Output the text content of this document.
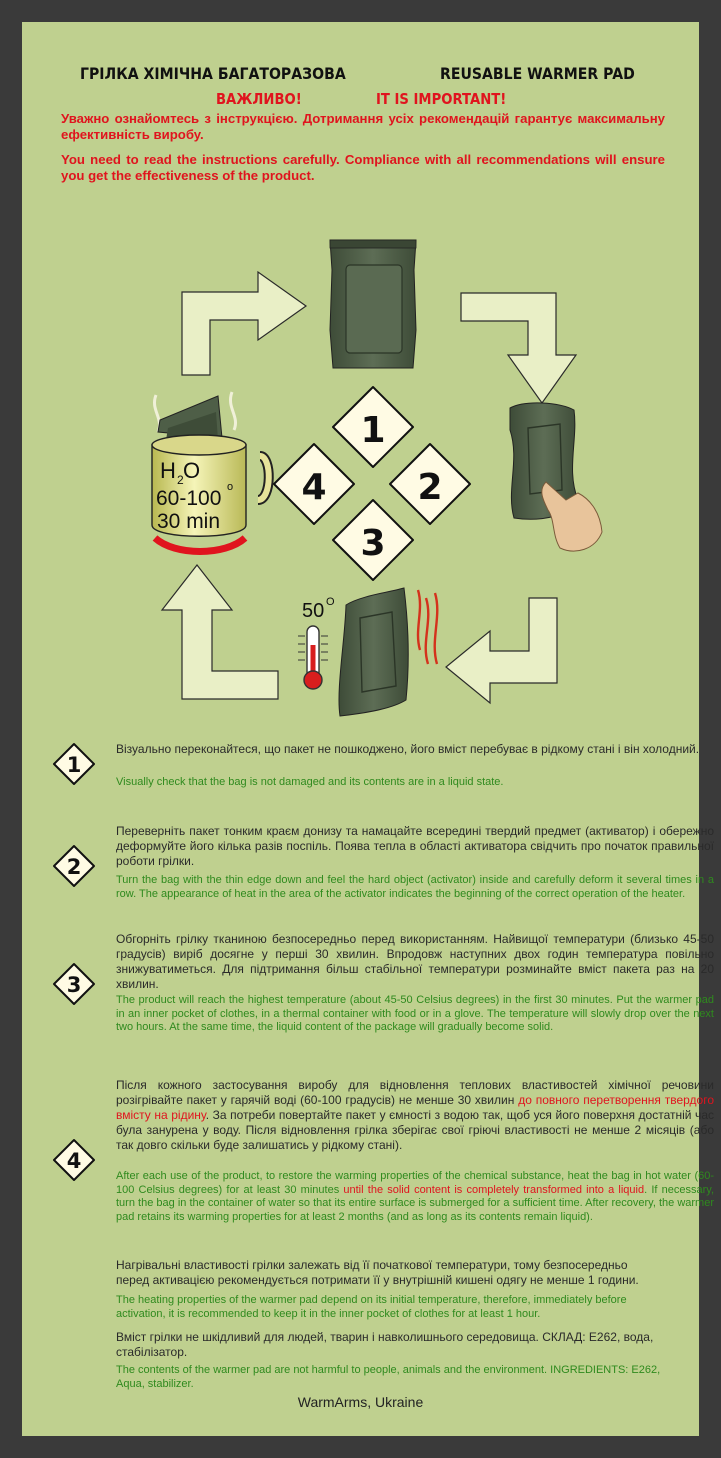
ГРІЛКА ХІМІЧНА БАГАТОРАЗОВА	REUSABLE WARMER PAD
ВАЖЛИВО!	IT IS IMPORTANT!
Уважно ознайомтесь з інструкцією. Дотримання усіх рекомендацій гарантує максимальну ефективність виробу.
You need to read the instructions carefully. Compliance with all recommendations will ensure you get the effectiveness of the product.
50 O
H 2 O
60-100 o
30 min
1
2
3
4
1
Візуально переконайтеся, що пакет не пошкоджено, його вміст перебуває в рідкому стані і він холодний.
Visually check that the bag is not damaged and its contents are in a liquid state.
2
Переверніть пакет тонким краєм донизу та намацайте всередині твердий предмет (активатор) і обережно деформуйте його кілька разів поспіль. Поява тепла в області активатора свідчить про початок правильної роботи грілки.
Turn the bag with the thin edge down and feel the hard object (activator) inside and carefully deform it several times in a row. The appearance of heat in the area of the activator indicates the beginning of the correct operation of the heater.
3
Обгорніть грілку тканиною безпосередньо перед використанням. Найвищої температури (близько 45-50 градусів) виріб досягне у перші 30 хвилин. Впродовж наступних двох годин температура повільно знижуватиметься. Для підтримання більш стабільної температури розминайте вміст пакета раз на 20 хвилин.
The product will reach the highest temperature (about 45-50 Celsius degrees) in the first 30 minutes. Put the warmer pad in an inner pocket of clothes, in a thermal container with food or in a glove. The temperature will slowly drop over the next two hours. At the same time, the liquid content of the package will gradually become solid.
4
Після кожного застосування виробу для відновлення теплових властивостей хімічної речовини розігрівайте пакет у гарячій воді (60-100 градусів) не менше 30 хвилин до повного перетворення твердого вмісту на рідину. За потреби повертайте пакет у ємності з водою так, щоб уся його поверхня достатній час була занурена у воду. Після відновлення грілка зберігає свої гріючі властивості не менше 2 місяців (або так довго скільки буде залишатись у рідкому стані).
After each use of the product, to restore the warming properties of the chemical substance, heat the bag in hot water (60-100 Celsius degrees) for at least 30 minutes until the solid content is completely transformed into a liquid. If necessary, turn the bag in the container of water so that its entire surface is submerged for a sufficient time. After recovery, the warmer pad retains its warming properties for at least 2 months (and as long as its contents remain liquid).
Нагрівальні властивості грілки залежать від її початкової температури, тому безпосередньо перед активацією рекомендується потримати її у внутрішній кишені одягу не менше 1 години.
The heating properties of the warmer pad depend on its initial temperature, therefore, immediately before activation, it is recommended to keep it in the inner pocket of clothes for at least 1 hour.
Вміст грілки не шкідливий для людей, тварин і навколишнього середовища. СКЛАД: Е262, вода, стабілізатор.
The contents of the warmer pad are not harmful to people, animals and the environment. INGREDIENTS: E262, Aqua, stabilizer.
WarmArms, Ukraine
